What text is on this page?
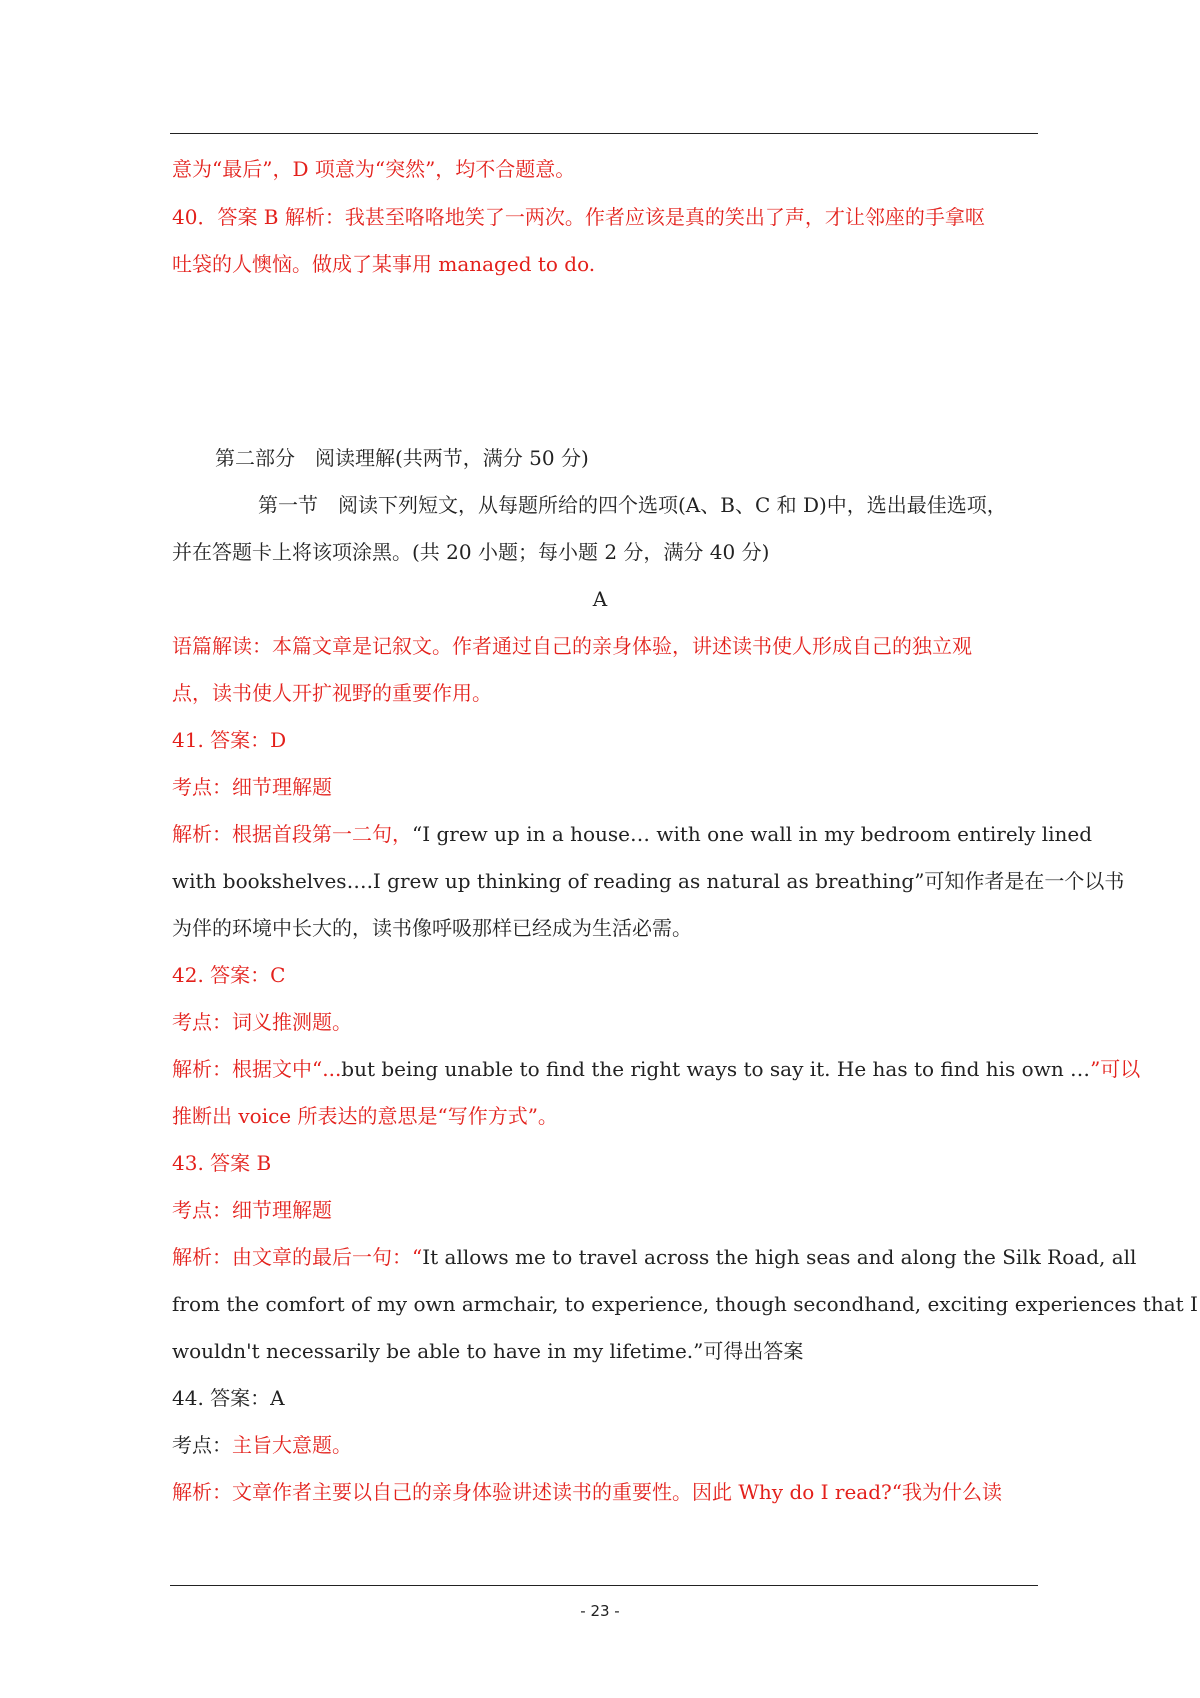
意为“最后”，D 项意为“突然”，均不合题意。
40．答案 B 解析：我甚至咯咯地笑了一两次。作者应该是真的笑出了声，才让邻座的手拿呕
吐袋的人懊恼。做成了某事用 managed to do.
第二部分　阅读理解(共两节，满分 50 分)
第一节　阅读下列短文，从每题所给的四个选项(A、B、C 和 D)中，选出最佳选项，
并在答题卡上将该项涂黑。(共 20 小题；每小题 2 分，满分 40 分)
A
语篇解读：本篇文章是记叙文。作者通过自己的亲身体验，讲述读书使人形成自己的独立观
点，读书使人开扩视野的重要作用。
41. 答案：D
考点：细节理解题
解析：根据首段第一二句，“I grew up in a house… with one wall in my bedroom entirely lined
with bookshelves….I grew up thinking of reading as natural as breathing”可知作者是在一个以书
为伴的环境中长大的，读书像呼吸那样已经成为生活必需。
42. 答案：C
考点：词义推测题。
解析：根据文中“...but being unable to find the right ways to say it. He has to find his own …”可以
推断出 voice 所表达的意思是“写作方式”。
43. 答案 B
考点：细节理解题
解析：由文章的最后一句：“It allows me to travel across the high seas and along the Silk Road, all
from the comfort of my own armchair, to experience, though secondhand, exciting experiences that I
wouldn't necessarily be able to have in my lifetime.”可得出答案
44. 答案：A
考点：主旨大意题。
解析：文章作者主要以自己的亲身体验讲述读书的重要性。因此 Why do I read?“我为什么读
- 23 -
